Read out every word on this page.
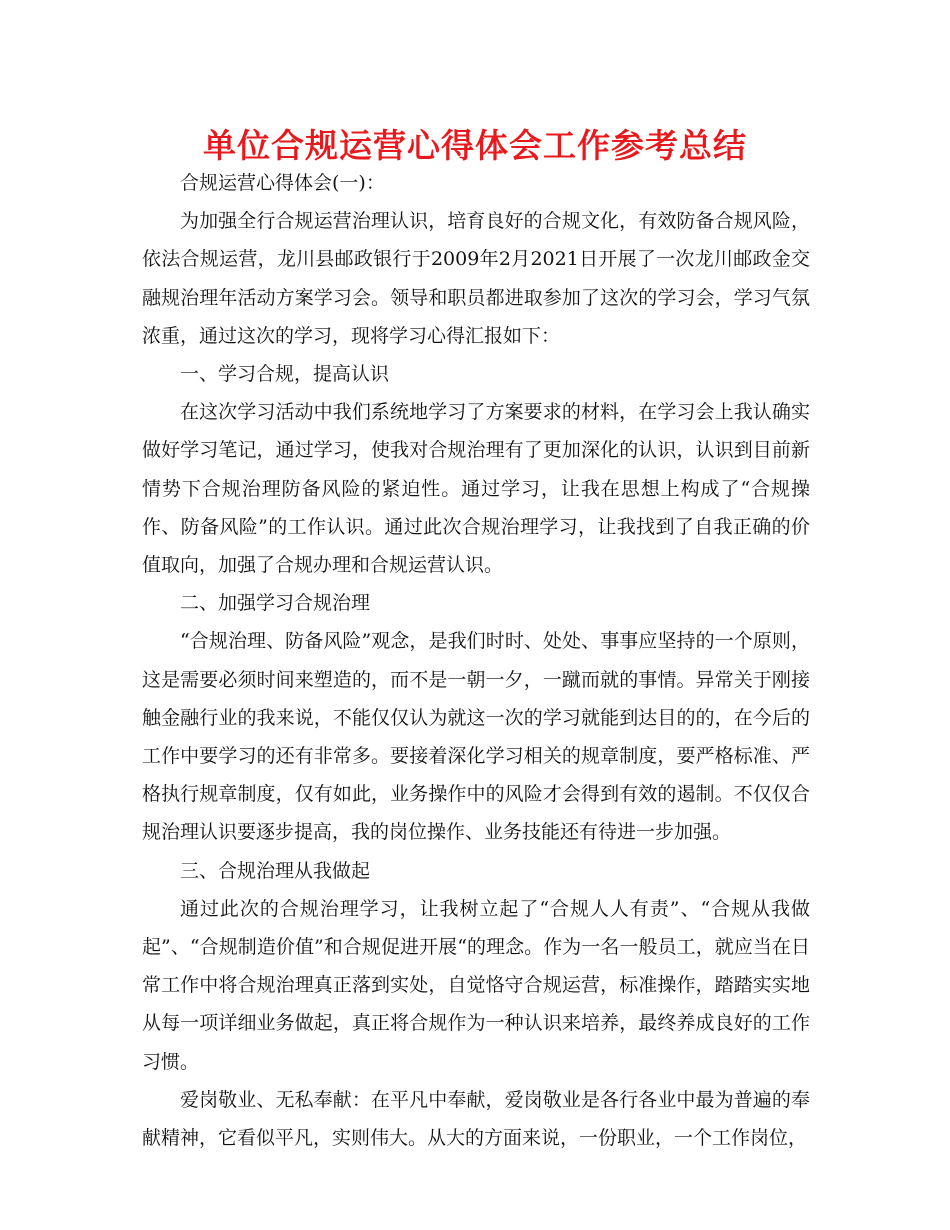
单位合规运营心得体会工作参考总结

合规运营心得体会(一)：

为加强全行合规运营治理认识，培育良好的合规文化，有效防备合规风险，依法合规运营，龙川县邮政银行于2009年2月2021日开展了一次龙川邮政金交融规治理年活动方案学习会。领导和职员都进取参加了这次的学习会，学习气氛浓重，通过这次的学习，现将学习心得汇报如下：

一、学习合规，提高认识

在这次学习活动中我们系统地学习了方案要求的材料，在学习会上我认确实做好学习笔记，通过学习，使我对合规治理有了更加深化的认识，认识到目前新情势下合规治理防备风险的紧迫性。通过学习，让我在思想上构成了“合规操作、防备风险”的工作认识。通过此次合规治理学习，让我找到了自我正确的价值取向，加强了合规办理和合规运营认识。

二、加强学习合规治理

“合规治理、防备风险”观念，是我们时时、处处、事事应坚持的一个原则，这是需要必须时间来塑造的，而不是一朝一夕，一蹴而就的事情。异常关于刚接触金融行业的我来说，不能仅仅认为就这一次的学习就能到达目的的，在今后的工作中要学习的还有非常多。要接着深化学习相关的规章制度，要严格标准、严格执行规章制度，仅有如此，业务操作中的风险才会得到有效的遏制。不仅仅合规治理认识要逐步提高，我的岗位操作、业务技能还有待进一步加强。

三、合规治理从我做起

通过此次的合规治理学习，让我树立起了“合规人人有责”、“合规从我做起”、“合规制造价值”和合规促进开展“的理念。作为一名一般员工，就应当在日常工作中将合规治理真正落到实处，自觉恪守合规运营，标准操作，踏踏实实地从每一项详细业务做起，真正将合规作为一种认识来培养，最终养成良好的工作习惯。

爱岗敬业、无私奉献：在平凡中奉献，爱岗敬业是各行各业中最为普遍的奉献精神，它看似平凡，实则伟大。从大的方面来说，一份职业，一个工作岗位，
